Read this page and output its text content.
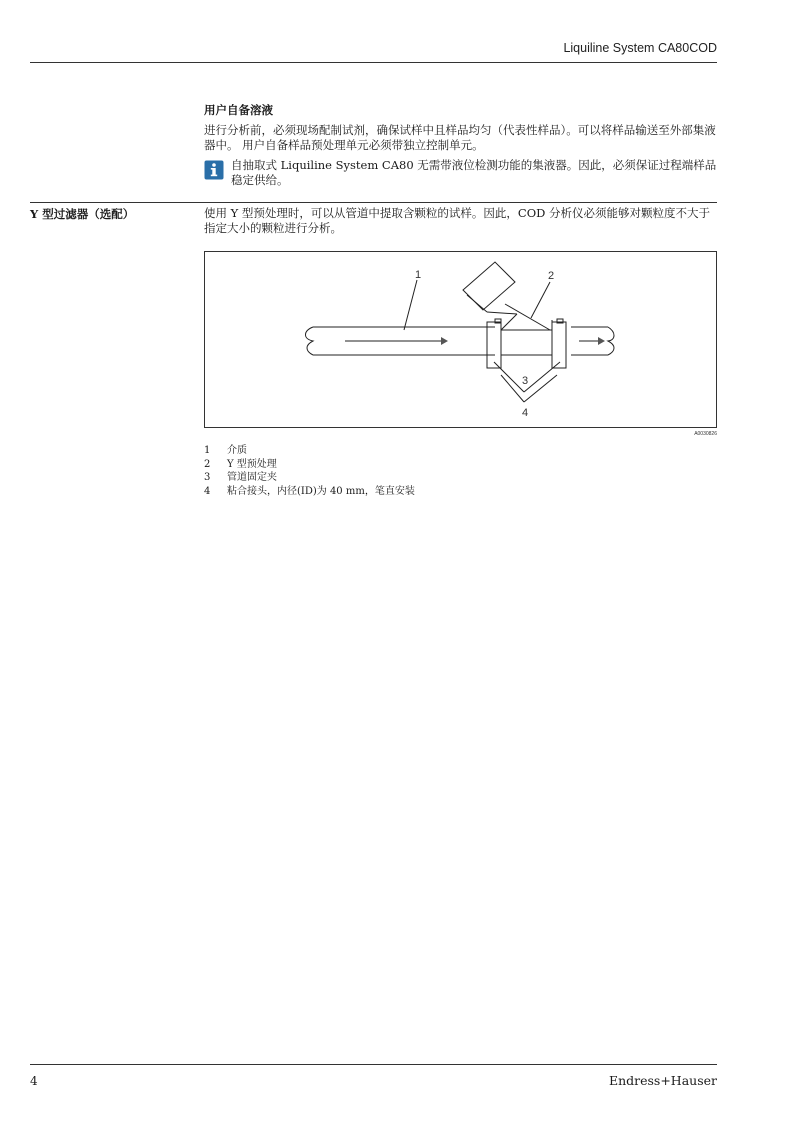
Liquiline System CA80COD
用户自备溶液
进行分析前，必须现场配制试剂，确保试样中且样品均匀（代表性样品）。可以将样品输送至外部集液器中。 用户自备样品预处理单元必须带独立控制单元。
自抽取式 Liquiline System CA80 无需带液位检测功能的集液器。因此，必须保证过程端样品稳定供给。
Y 型过滤器（选配）	使用 Y 型预处理时，可以从管道中提取含颗粒的试样。因此，COD 分析仪必须能够对颗粒度不大于指定大小的颗粒进行分析。
1	2
3
4
A0030826
1	介质
2	Y 型预处理
3	管道固定夹
4	粘合接头，内径(ID)为 40 mm，笔直安装
4	Endress+Hauser
